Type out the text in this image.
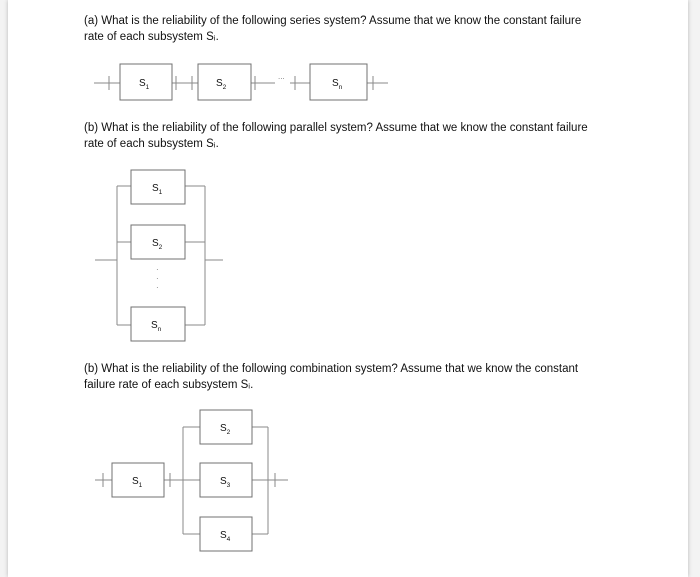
(a) What is the reliability of the following series system? Assume that we know the constant failure rate of each subsystem Sᵢ.
(b) What is the reliability of the following parallel system? Assume that we know the constant failure rate of each subsystem Sᵢ.
(b) What is the reliability of the following combination system? Assume that we know the constant failure rate of each subsystem Sᵢ.
...
$S_1$	$S_2$	$S_n$
$S_1$
$S_2$
·
·
·
$S_n$
$S_1$
$S_2$
$S_3$
$S_4$
